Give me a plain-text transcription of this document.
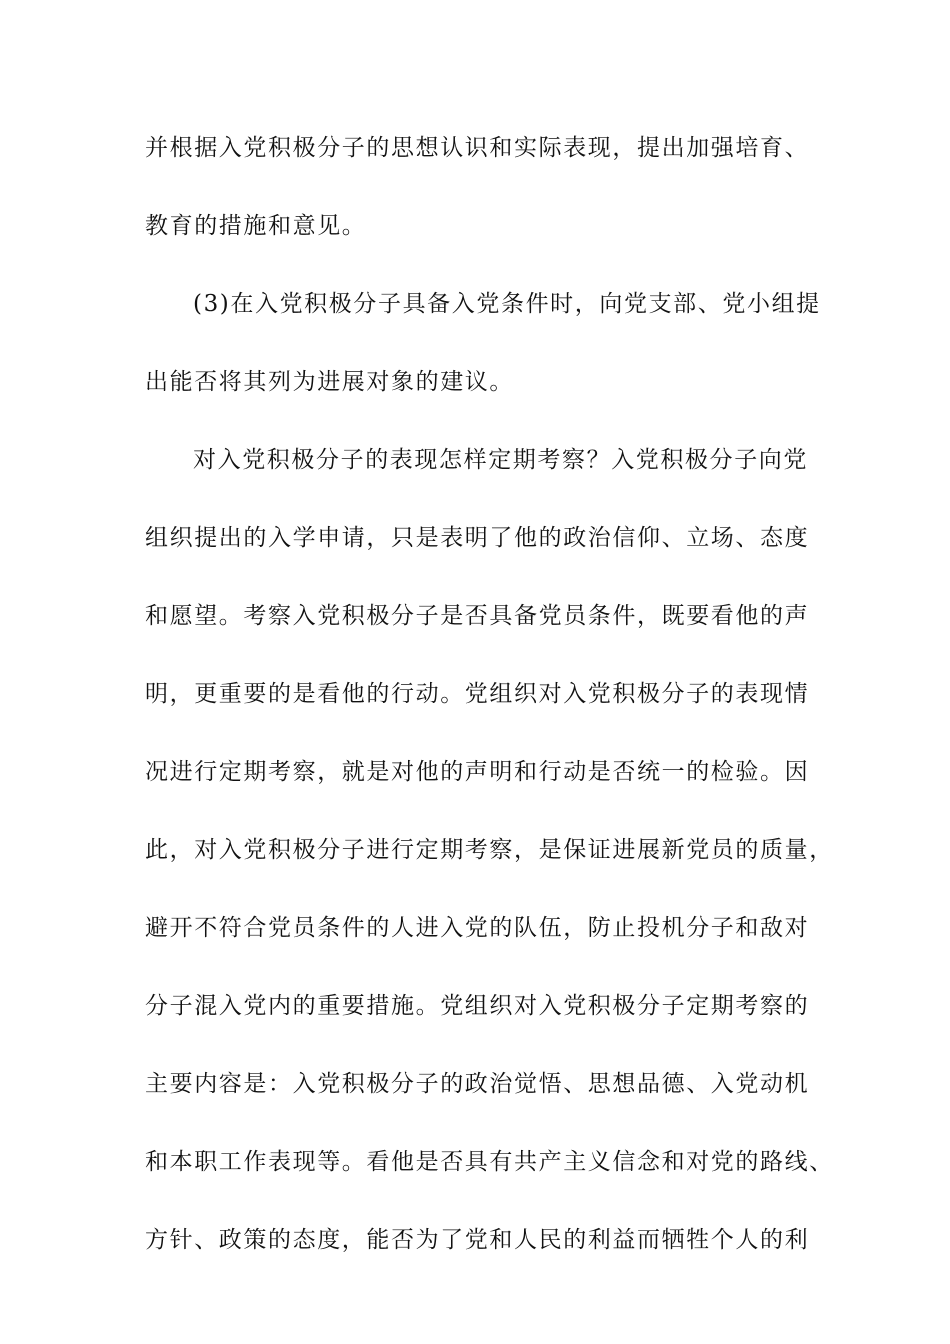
并根据入党积极分子的思想认识和实际表现，提出加强培育、
教育的措施和意见。
(3)在入党积极分子具备入党条件时，向党支部、党小组提
出能否将其列为进展对象的建议。
对入党积极分子的表现怎样定期考察？入党积极分子向党
组织提出的入学申请，只是表明了他的政治信仰、立场、态度
和愿望。考察入党积极分子是否具备党员条件，既要看他的声
明，更重要的是看他的行动。党组织对入党积极分子的表现情
况进行定期考察，就是对他的声明和行动是否统一的检验。因
此，对入党积极分子进行定期考察，是保证进展新党员的质量，
避开不符合党员条件的人进入党的队伍，防止投机分子和敌对
分子混入党内的重要措施。党组织对入党积极分子定期考察的
主要内容是：入党积极分子的政治觉悟、思想品德、入党动机
和本职工作表现等。看他是否具有共产主义信念和对党的路线、
方针、政策的态度，能否为了党和人民的利益而牺牲个人的利
